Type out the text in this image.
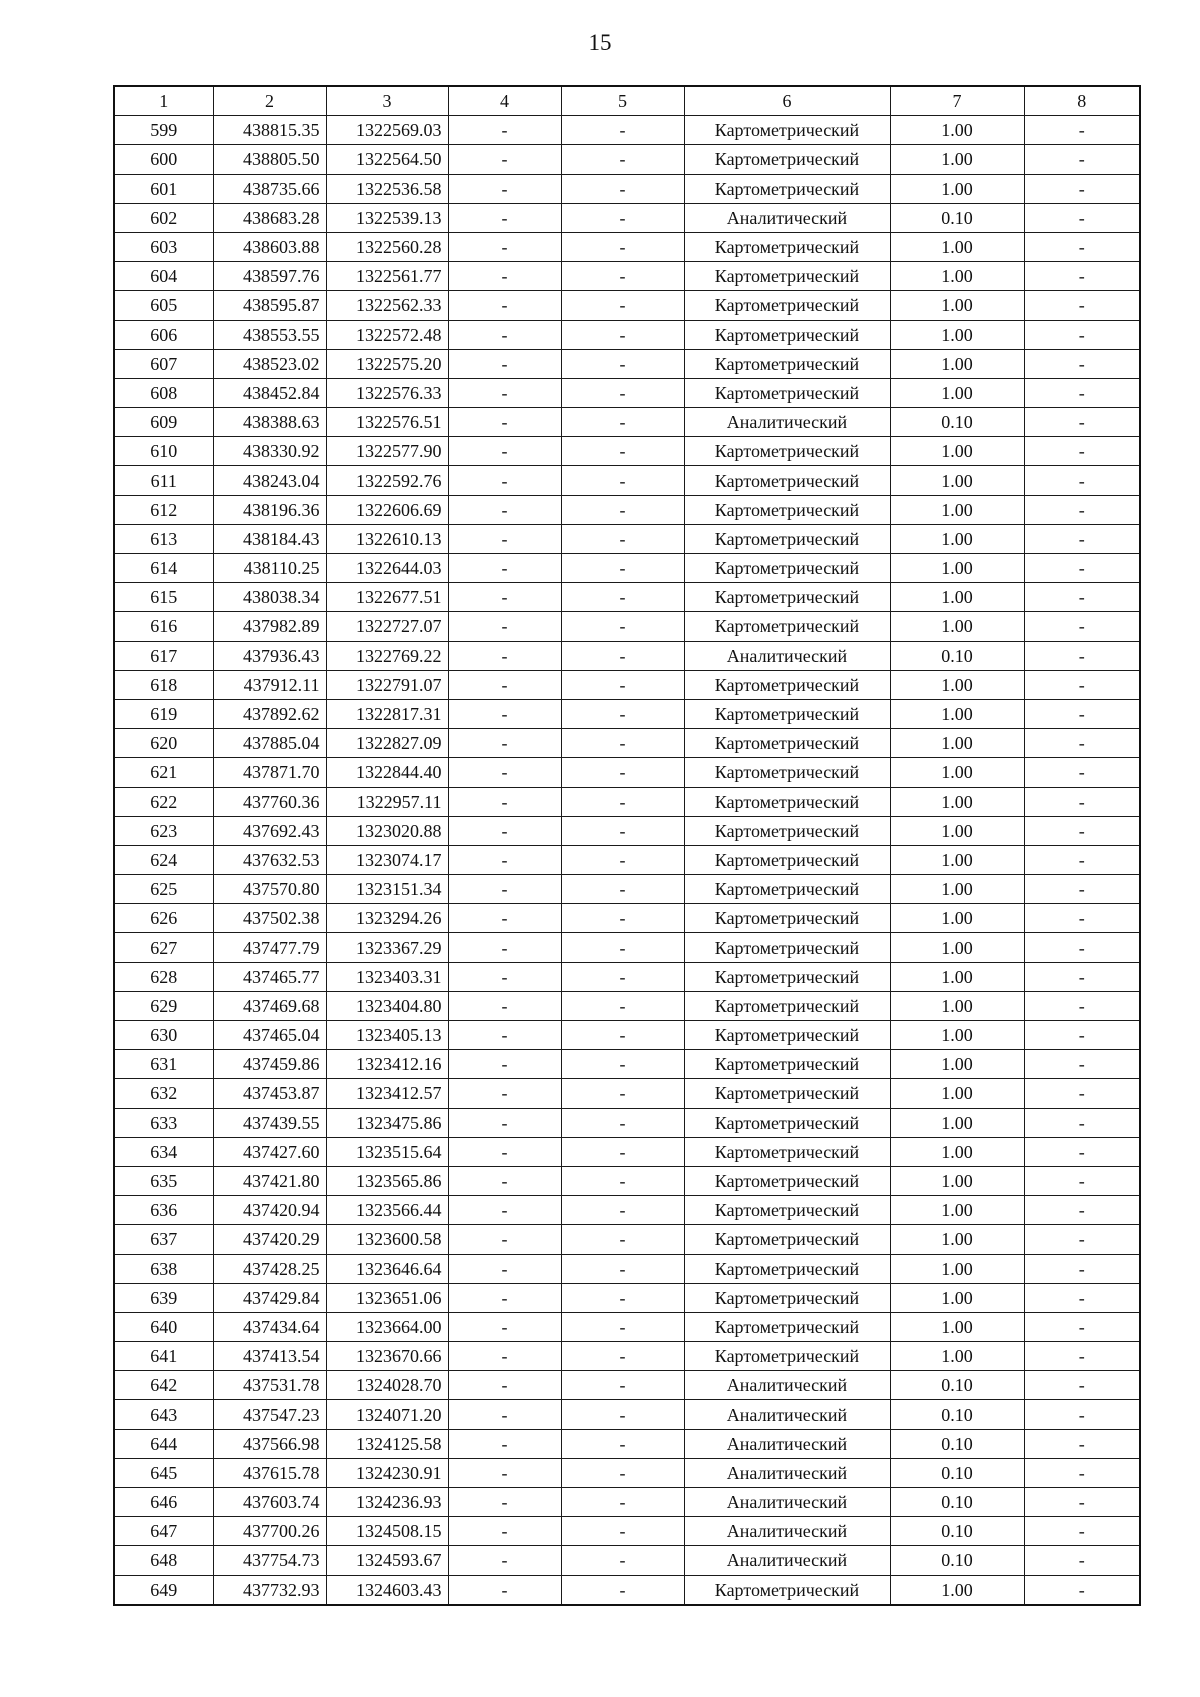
15
1	2	3	4	5	6	7	8
599	438815.35	1322569.03	-	-	Картометрический	1.00	-
600	438805.50	1322564.50	-	-	Картометрический	1.00	-
601	438735.66	1322536.58	-	-	Картометрический	1.00	-
602	438683.28	1322539.13	-	-	Аналитический	0.10	-
603	438603.88	1322560.28	-	-	Картометрический	1.00	-
604	438597.76	1322561.77	-	-	Картометрический	1.00	-
605	438595.87	1322562.33	-	-	Картометрический	1.00	-
606	438553.55	1322572.48	-	-	Картометрический	1.00	-
607	438523.02	1322575.20	-	-	Картометрический	1.00	-
608	438452.84	1322576.33	-	-	Картометрический	1.00	-
609	438388.63	1322576.51	-	-	Аналитический	0.10	-
610	438330.92	1322577.90	-	-	Картометрический	1.00	-
611	438243.04	1322592.76	-	-	Картометрический	1.00	-
612	438196.36	1322606.69	-	-	Картометрический	1.00	-
613	438184.43	1322610.13	-	-	Картометрический	1.00	-
614	438110.25	1322644.03	-	-	Картометрический	1.00	-
615	438038.34	1322677.51	-	-	Картометрический	1.00	-
616	437982.89	1322727.07	-	-	Картометрический	1.00	-
617	437936.43	1322769.22	-	-	Аналитический	0.10	-
618	437912.11	1322791.07	-	-	Картометрический	1.00	-
619	437892.62	1322817.31	-	-	Картометрический	1.00	-
620	437885.04	1322827.09	-	-	Картометрический	1.00	-
621	437871.70	1322844.40	-	-	Картометрический	1.00	-
622	437760.36	1322957.11	-	-	Картометрический	1.00	-
623	437692.43	1323020.88	-	-	Картометрический	1.00	-
624	437632.53	1323074.17	-	-	Картометрический	1.00	-
625	437570.80	1323151.34	-	-	Картометрический	1.00	-
626	437502.38	1323294.26	-	-	Картометрический	1.00	-
627	437477.79	1323367.29	-	-	Картометрический	1.00	-
628	437465.77	1323403.31	-	-	Картометрический	1.00	-
629	437469.68	1323404.80	-	-	Картометрический	1.00	-
630	437465.04	1323405.13	-	-	Картометрический	1.00	-
631	437459.86	1323412.16	-	-	Картометрический	1.00	-
632	437453.87	1323412.57	-	-	Картометрический	1.00	-
633	437439.55	1323475.86	-	-	Картометрический	1.00	-
634	437427.60	1323515.64	-	-	Картометрический	1.00	-
635	437421.80	1323565.86	-	-	Картометрический	1.00	-
636	437420.94	1323566.44	-	-	Картометрический	1.00	-
637	437420.29	1323600.58	-	-	Картометрический	1.00	-
638	437428.25	1323646.64	-	-	Картометрический	1.00	-
639	437429.84	1323651.06	-	-	Картометрический	1.00	-
640	437434.64	1323664.00	-	-	Картометрический	1.00	-
641	437413.54	1323670.66	-	-	Картометрический	1.00	-
642	437531.78	1324028.70	-	-	Аналитический	0.10	-
643	437547.23	1324071.20	-	-	Аналитический	0.10	-
644	437566.98	1324125.58	-	-	Аналитический	0.10	-
645	437615.78	1324230.91	-	-	Аналитический	0.10	-
646	437603.74	1324236.93	-	-	Аналитический	0.10	-
647	437700.26	1324508.15	-	-	Аналитический	0.10	-
648	437754.73	1324593.67	-	-	Аналитический	0.10	-
649	437732.93	1324603.43	-	-	Картометрический	1.00	-
